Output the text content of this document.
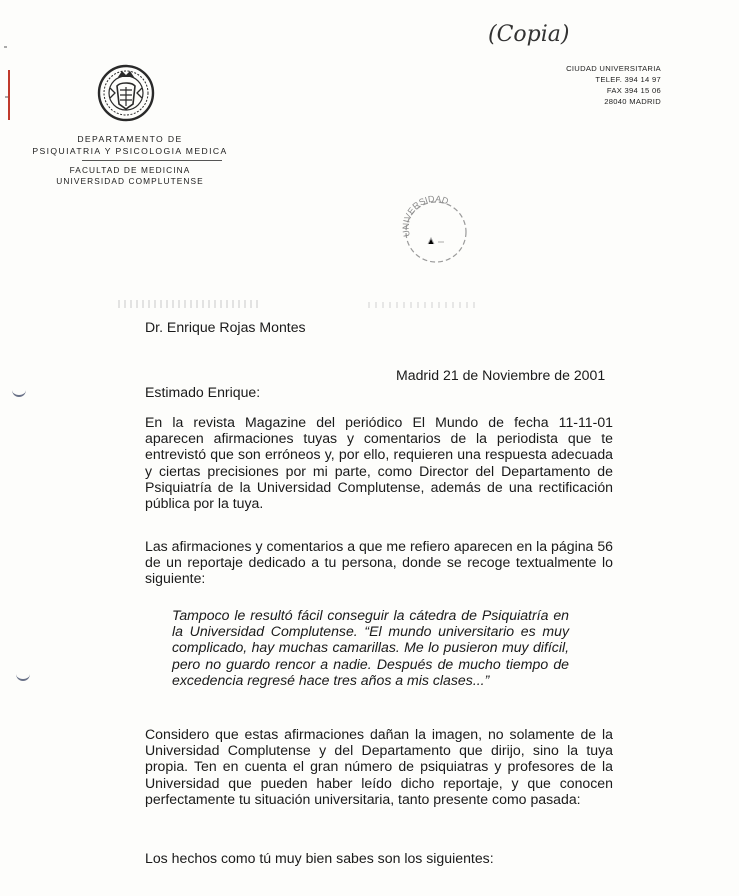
DEPARTAMENTO DE
PSIQUIATRIA Y PSICOLOGIA MEDICA
FACULTAD DE MEDICINA
UNIVERSIDAD COMPLUTENSE
(Copia)
CIUDAD UNIVERSITARIA
TELEF. 394 14 97
FAX 394 15 06
28040 MADRID
UNIVERSIDAD
Dr. Enrique Rojas Montes
Madrid 21 de Noviembre de 2001
Estimado Enrique:
En la revista Magazine del periódico El Mundo de fecha 11-11-01 aparecen afirmaciones tuyas y comentarios de la periodista que te entrevistó que son erróneos y, por ello, requieren una respuesta adecuada y ciertas precisiones por mi parte, como Director del Departamento de Psiquiatría de la Universidad Complutense, además de una rectificación pública por la tuya.
Las afirmaciones y comentarios a que me refiero aparecen en la página 56 de un reportaje dedicado a tu persona, donde se recoge textualmente lo siguiente:
Tampoco le resultó fácil conseguir la cátedra de Psiquiatría en la Universidad Complutense. “El mundo universitario es muy complicado, hay muchas camarillas. Me lo pusieron muy difícil, pero no guardo rencor a nadie. Después de mucho tiempo de excedencia regresé hace tres años a mis clases...”
Considero que estas afirmaciones dañan la imagen, no solamente de la Universidad Complutense y del Departamento que dirijo, sino la tuya propia. Ten en cuenta el gran número de psiquiatras y profesores de la Universidad que pueden haber leído dicho reportaje, y que conocen perfectamente tu situación universitaria, tanto presente como pasada:
Los hechos como tú muy bien sabes son los siguientes:
